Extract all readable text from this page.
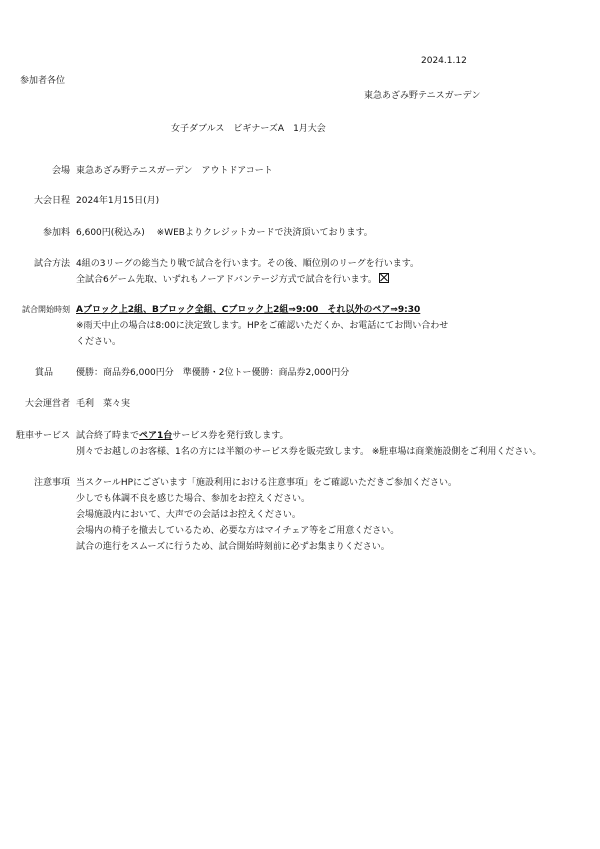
2024.1.12
参加者各位
東急あざみ野テニスガーデン
女子ダブルス　ビギナーズA　1月大会
会場 東急あざみ野テニスガーデン　アウトドアコート
大会日程 2024年1月15日(月)
参加料 6,600円(税込み)　 ※WEBよりクレジットカードで決済頂いております。
試合方法 4組の3リーグの総当たり戦で試合を行います。その後、順位別のリーグを行います。
全試合6ゲーム先取、いずれもノーアドバンテージ方式で試合を行います。
試合開始時刻 Aブロック上2組、Bブロック全組、Cブロック上2組⇒9:00　それ以外のペア⇒9:30
※雨天中止の場合は8:00に決定致します。HPをご確認いただくか、お電話にてお問い合わせ
ください。
賞品	優勝：商品券6,000円分　準優勝・2位トー優勝：商品券2,000円分
大会運営者 毛利　菜々実
駐車サービス 試合終了時までペア1台サービス券を発行致します。
別々でお越しのお客様、1名の方には半額のサービス券を販売致します。 ※駐車場は商業施設側をご利用ください。
注意事項 当スクールHPにございます「施設利用における注意事項」をご確認いただきご参加ください。
少しでも体調不良を感じた場合、参加をお控えください。
会場施設内において、大声での会話はお控えください。
会場内の椅子を撤去しているため、必要な方はマイチェア等をご用意ください。
試合の進行をスムーズに行うため、試合開始時刻前に必ずお集まりください。
